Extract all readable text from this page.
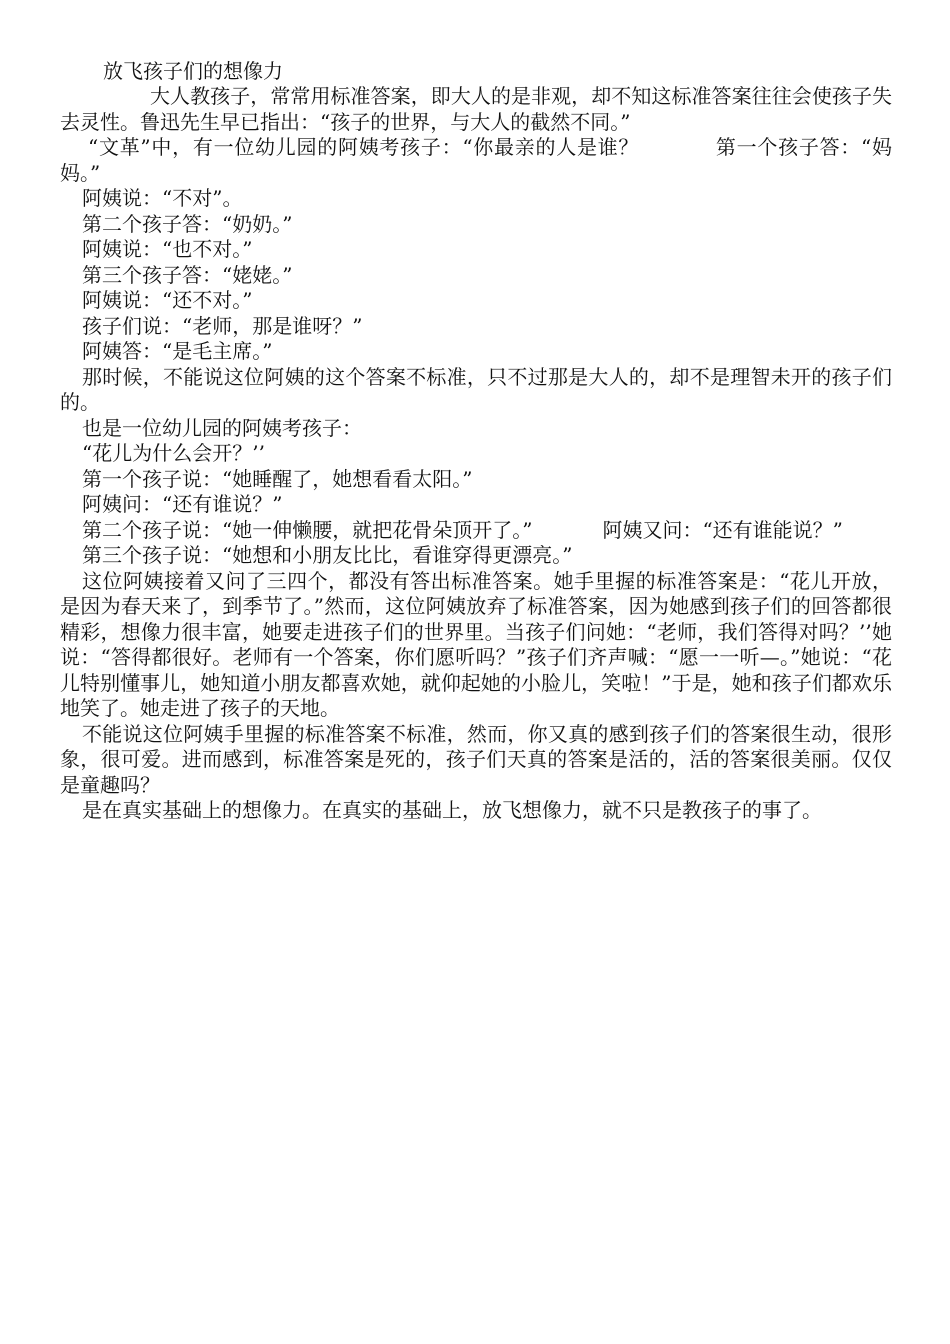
放飞孩子们的想像力

大人教孩子，常常用标准答案，即大人的是非观，却不知这标准答案往往会使孩子失去灵性。鲁迅先生早已指出：“孩子的世界，与大人的截然不同。”

“文革”中，有一位幼儿园的阿姨考孩子：“你最亲的人是谁？	第一个孩子答：“妈妈。”

阿姨说：“不对”。

第二个孩子答：“奶奶。”

阿姨说：“也不对。”

第三个孩子答：“姥姥。”

阿姨说：“还不对。”

孩子们说：“老师，那是谁呀？”

阿姨答：“是毛主席。”

那时候，不能说这位阿姨的这个答案不标准，只不过那是大人的，却不是理智未开的孩子们的。

也是一位幼儿园的阿姨考孩子：

“花儿为什么会开？’’

第一个孩子说：“她睡醒了，她想看看太阳。”

阿姨问：“还有谁说？”

第二个孩子说：“她一伸懒腰，就把花骨朵顶开了。”	阿姨又问：“还有谁能说？”

第三个孩子说：“她想和小朋友比比，看谁穿得更漂亮。”

这位阿姨接着又问了三四个，都没有答出标准答案。她手里握的标准答案是：“花儿开放，是因为春天来了，到季节了。”然而，这位阿姨放弃了标准答案，因为她感到孩子们的回答都很精彩，想像力很丰富，她要走进孩子们的世界里。当孩子们问她：“老师，我们答得对吗？’’她说：“答得都很好。老师有一个答案，你们愿听吗？”孩子们齐声喊：“愿一一听—。”她说：“花儿特别懂事儿，她知道小朋友都喜欢她，就仰起她的小脸儿，笑啦！”于是，她和孩子们都欢乐地笑了。她走进了孩子的天地。

不能说这位阿姨手里握的标准答案不标准，然而，你又真的感到孩子们的答案很生动，很形象，很可爱。进而感到，标准答案是死的，孩子们天真的答案是活的，活的答案很美丽。仅仅是童趣吗？

是在真实基础上的想像力。在真实的基础上，放飞想像力，就不只是教孩子的事了。
